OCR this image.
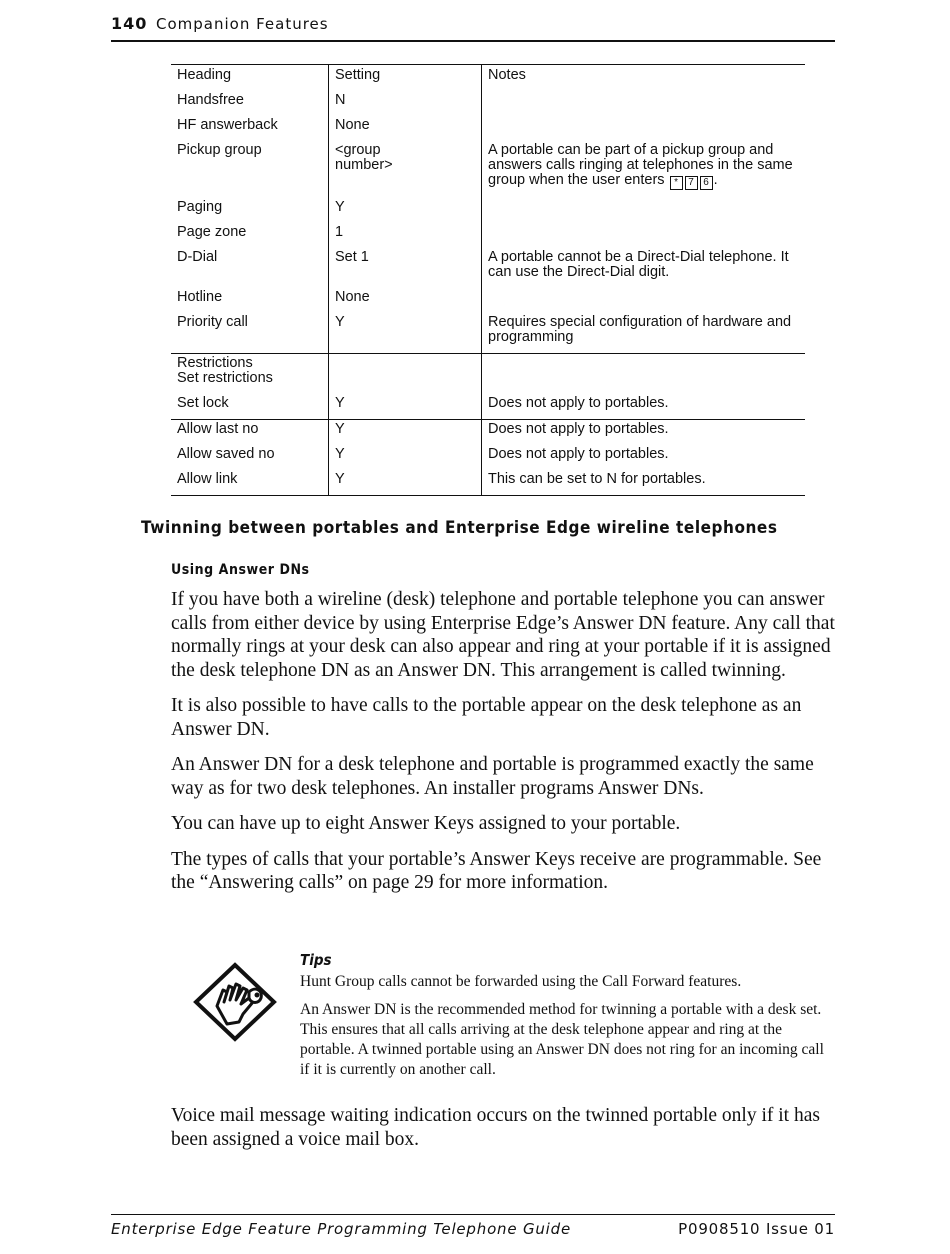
140 Companion Features
Heading	Setting	Notes
Handsfree	N	
HF answerback	None	
Pickup group	<group number>	A portable can be part of a pickup group and answers calls ringing at telephones in the same group when the user enters * 7 6 .
Paging	Y	
Page zone	1	
D-Dial	Set 1	A portable cannot be a Direct-Dial telephone. It can use the Direct-Dial digit.
Hotline	None	
Priority call	Y	Requires special configuration of hardware and programming
Restrictions		
Set restrictions		
Set lock	Y	Does not apply to portables.
Allow last no	Y	Does not apply to portables.
Allow saved no	Y	Does not apply to portables.
Allow link	Y	This can be set to N for portables.
Twinning between portables and Enterprise Edge wireline telephones
Using Answer DNs

If you have both a wireline (desk) telephone and portable telephone you can answer calls from either device by using Enterprise Edge’s Answer DN feature. Any call that normally rings at your desk can also appear and ring at your portable if it is assigned the desk telephone DN as an Answer DN. This arrangement is called twinning.

It is also possible to have calls to the portable appear on the desk telephone as an Answer DN.

An Answer DN for a desk telephone and portable is programmed exactly the same way as for two desk telephones. An installer programs Answer DNs.

You can have up to eight Answer Keys assigned to your portable.

The types of calls that your portable’s Answer Keys receive are programmable. See the “Answering calls” on page 29 for more information.

Tips

Hunt Group calls cannot be forwarded using the Call Forward features.

An Answer DN is the recommended method for twinning a portable with a desk set. This ensures that all calls arriving at the desk telephone appear and ring at the portable. A twinned portable using an Answer DN does not ring for an incoming call if it is currently on another call.

Voice mail message waiting indication occurs on the twinned portable only if it has been assigned a voice mail box.

Enterprise Edge Feature Programming Telephone Guide	P0908510 Issue 01
